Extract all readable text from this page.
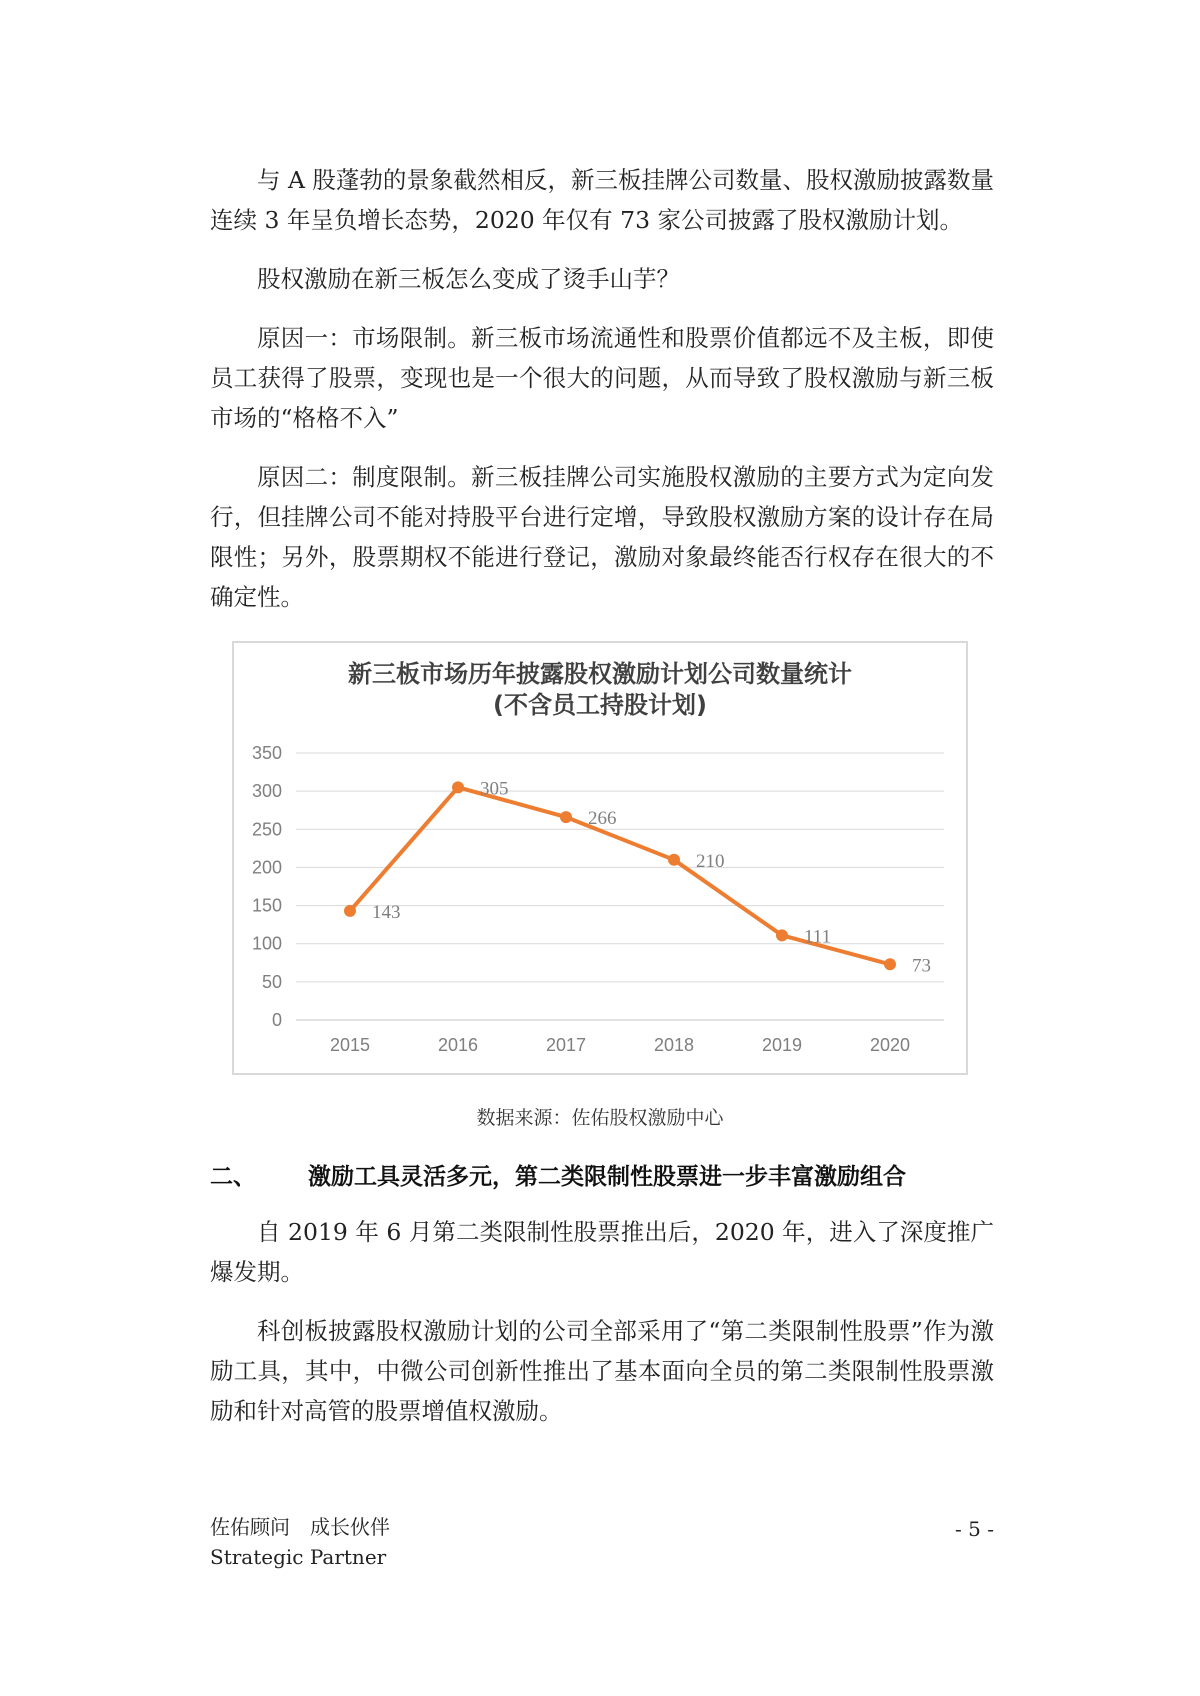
与 A 股蓬勃的景象截然相反，新三板挂牌公司数量、股权激励披露数量连续 3 年呈负增长态势，2020 年仅有 73 家公司披露了股权激励计划。

股权激励在新三板怎么变成了烫手山芋？

原因一：市场限制。新三板市场流通性和股票价值都远不及主板，即使员工获得了股票，变现也是一个很大的问题，从而导致了股权激励与新三板市场的“格格不入”

原因二：制度限制。新三板挂牌公司实施股权激励的主要方式为定向发行，但挂牌公司不能对持股平台进行定增，导致股权激励方案的设计存在局限性；另外，股票期权不能进行登记，激励对象最终能否行权存在很大的不确定性。

新三板市场历年披露股权激励计划公司数量统计
(不含员工持股计划)
0
50
100
150
200
250
300
350
2015	2016	2017	2018	2019	2020
143
305
266
210
111
73
数据来源：佐佑股权激励中心
二、 激励工具灵活多元，第二类限制性股票进一步丰富激励组合

自 2019 年 6 月第二类限制性股票推出后，2020 年，进入了深度推广爆发期。

科创板披露股权激励计划的公司全部采用了“第二类限制性股票”作为激励工具，其中，中微公司创新性推出了基本面向全员的第二类限制性股票激励和针对高管的股票增值权激励。

佐佑顾问　成长伙伴
Strategic Partner
- 5 -
